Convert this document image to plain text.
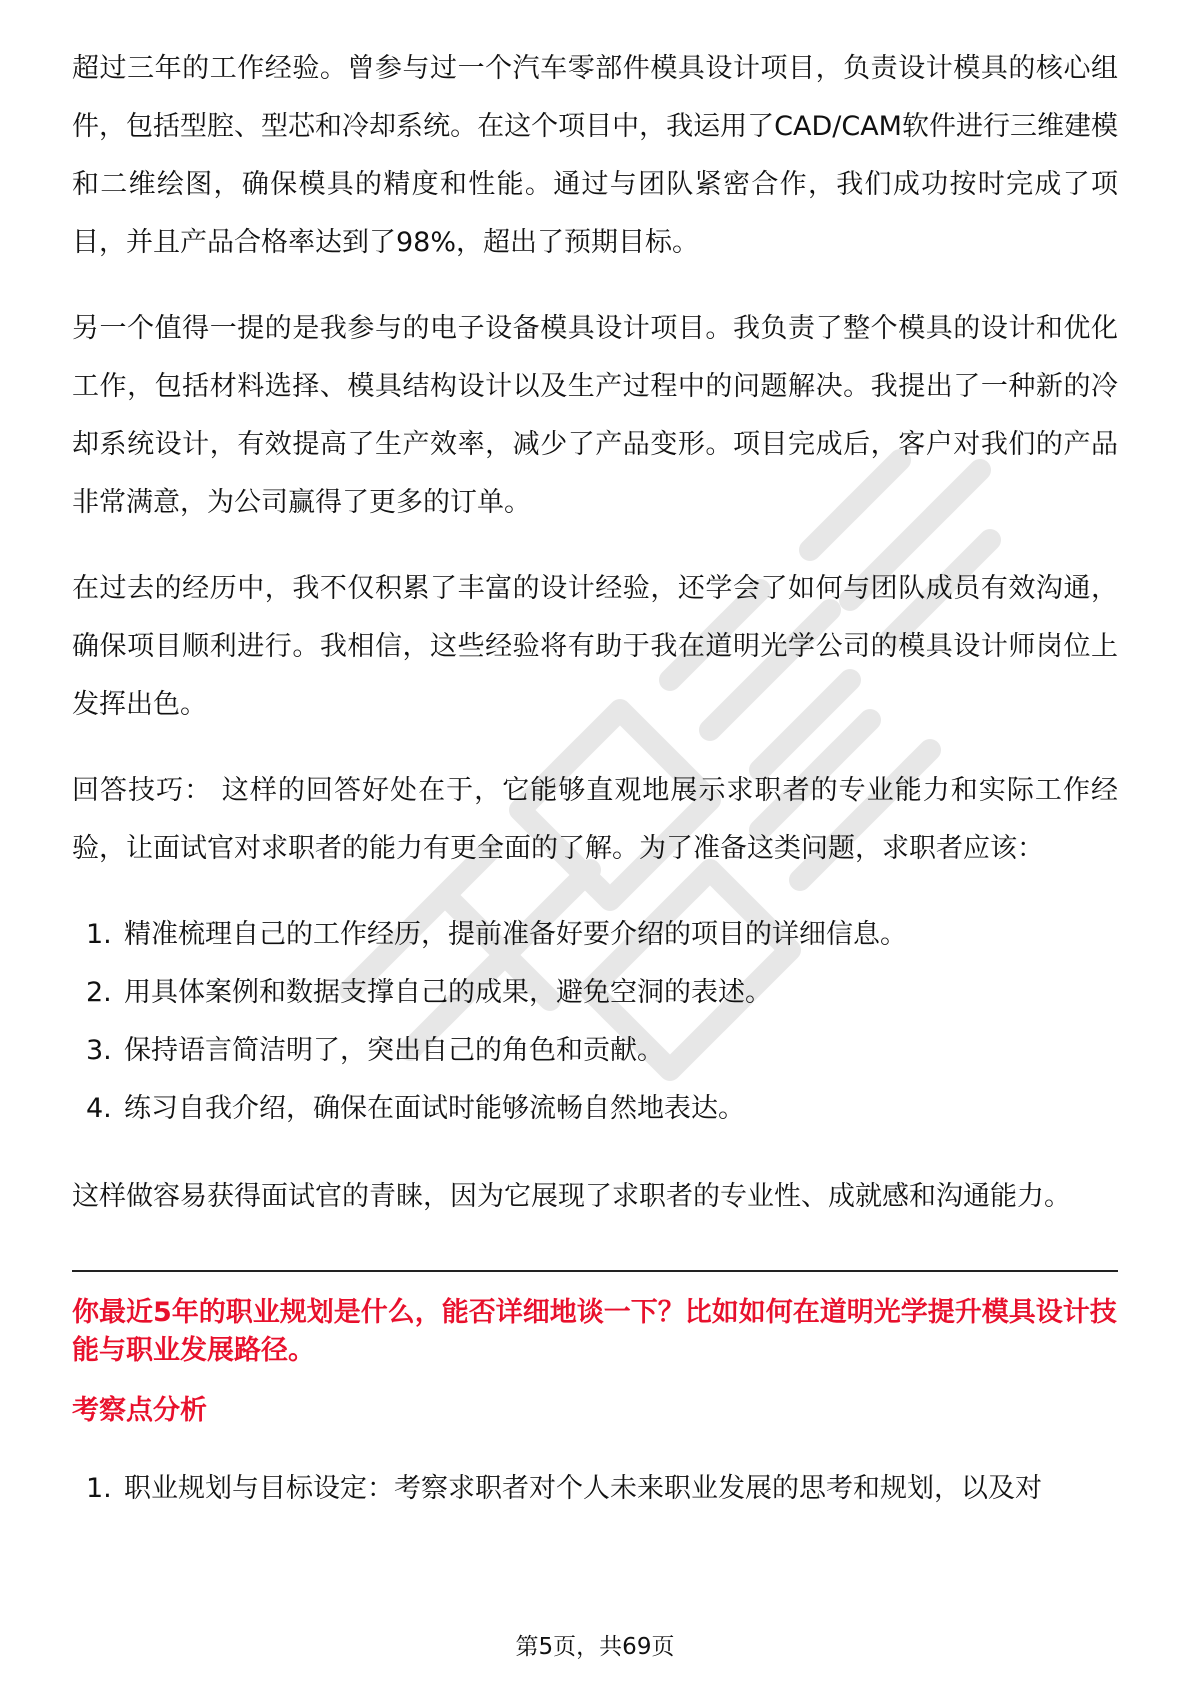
超过三年的工作经验。曾参与过一个汽车零部件模具设计项目，负责设计模具的核心组件，包括型腔、型芯和冷却系统。在这个项目中，我运用了CAD/CAM软件进行三维建模和二维绘图，确保模具的精度和性能。通过与团队紧密合作，我们成功按时完成了项目，并且产品合格率达到了98%，超出了预期目标。

另一个值得一提的是我参与的电子设备模具设计项目。我负责了整个模具的设计和优化工作，包括材料选择、模具结构设计以及生产过程中的问题解决。我提出了一种新的冷却系统设计，有效提高了生产效率，减少了产品变形。项目完成后，客户对我们的产品非常满意，为公司赢得了更多的订单。

在过去的经历中，我不仅积累了丰富的设计经验，还学会了如何与团队成员有效沟通，确保项目顺利进行。我相信，这些经验将有助于我在道明光学公司的模具设计师岗位上发挥出色。

回答技巧： 这样的回答好处在于，它能够直观地展示求职者的专业能力和实际工作经验，让面试官对求职者的能力有更全面的了解。为了准备这类问题，求职者应该：

1. 精准梳理自己的工作经历，提前准备好要介绍的项目的详细信息。
2. 用具体案例和数据支撑自己的成果，避免空洞的表述。
3. 保持语言简洁明了，突出自己的角色和贡献。
4. 练习自我介绍，确保在面试时能够流畅自然地表达。

这样做容易获得面试官的青睐，因为它展现了求职者的专业性、成就感和沟通能力。

你最近5年的职业规划是什么，能否详细地谈一下？比如如何在道明光学提升模具设计技能与职业发展路径。
考察点分析
1. 职业规划与目标设定：考察求职者对个人未来职业发展的思考和规划，以及对
第5页，共69页
